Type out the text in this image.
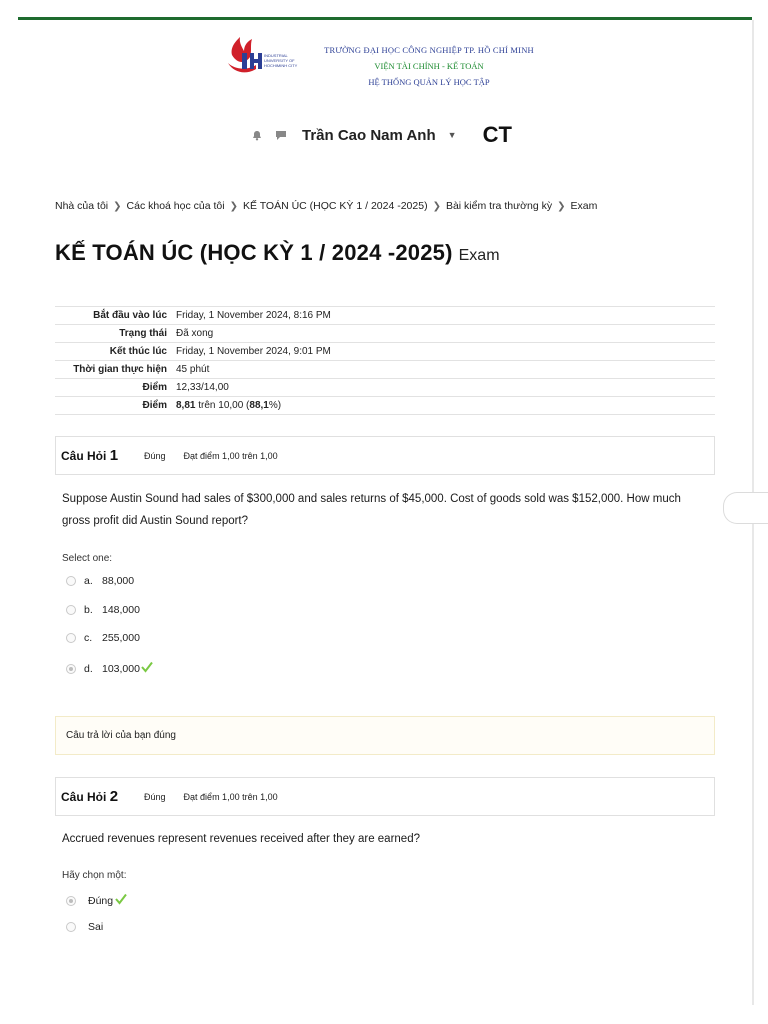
INDUSTRIAL
UNIVERSITY OF
HOCHIMINH CITY
TRƯỜNG ĐẠI HỌC CÔNG NGHIỆP TP. HỒ CHÍ MINH
VIỆN TÀI CHÍNH - KẾ TOÁN
HỆ THỐNG QUẢN LÝ HỌC TẬP
Trần Cao Nam Anh ▼ CT
Nhà của tôi ❯ Các khoá học của tôi ❯ KẾ TOÁN ÚC (HỌC KỲ 1 / 2024 -2025) ❯ Bài kiểm tra thường kỳ ❯ Exam
KẾ TOÁN ÚC (HỌC KỲ 1 / 2024 -2025) Exam
Bắt đầu vào lúc	Friday, 1 November 2024, 8:16 PM
Trạng thái	Đã xong
Kết thúc lúc	Friday, 1 November 2024, 9:01 PM
Thời gian thực hiện	45 phút
Điểm	12,33/14,00
Điểm	8,81 trên 10,00 (88,1%)
Câu Hỏi 1	Đúng Đạt điểm 1,00 trên 1,00
Suppose Austin Sound had sales of $300,000 and sales returns of $45,000. Cost of goods sold was $152,000. How much gross profit did Austin Sound report?
Select one:
a. 88,000
b. 148,000
c. 255,000
d. 103,000
Câu trả lời của bạn đúng
Câu Hỏi 2	Đúng Đạt điểm 1,00 trên 1,00
Accrued revenues represent revenues received after they are earned?
Hãy chọn một:
Đúng
Sai
